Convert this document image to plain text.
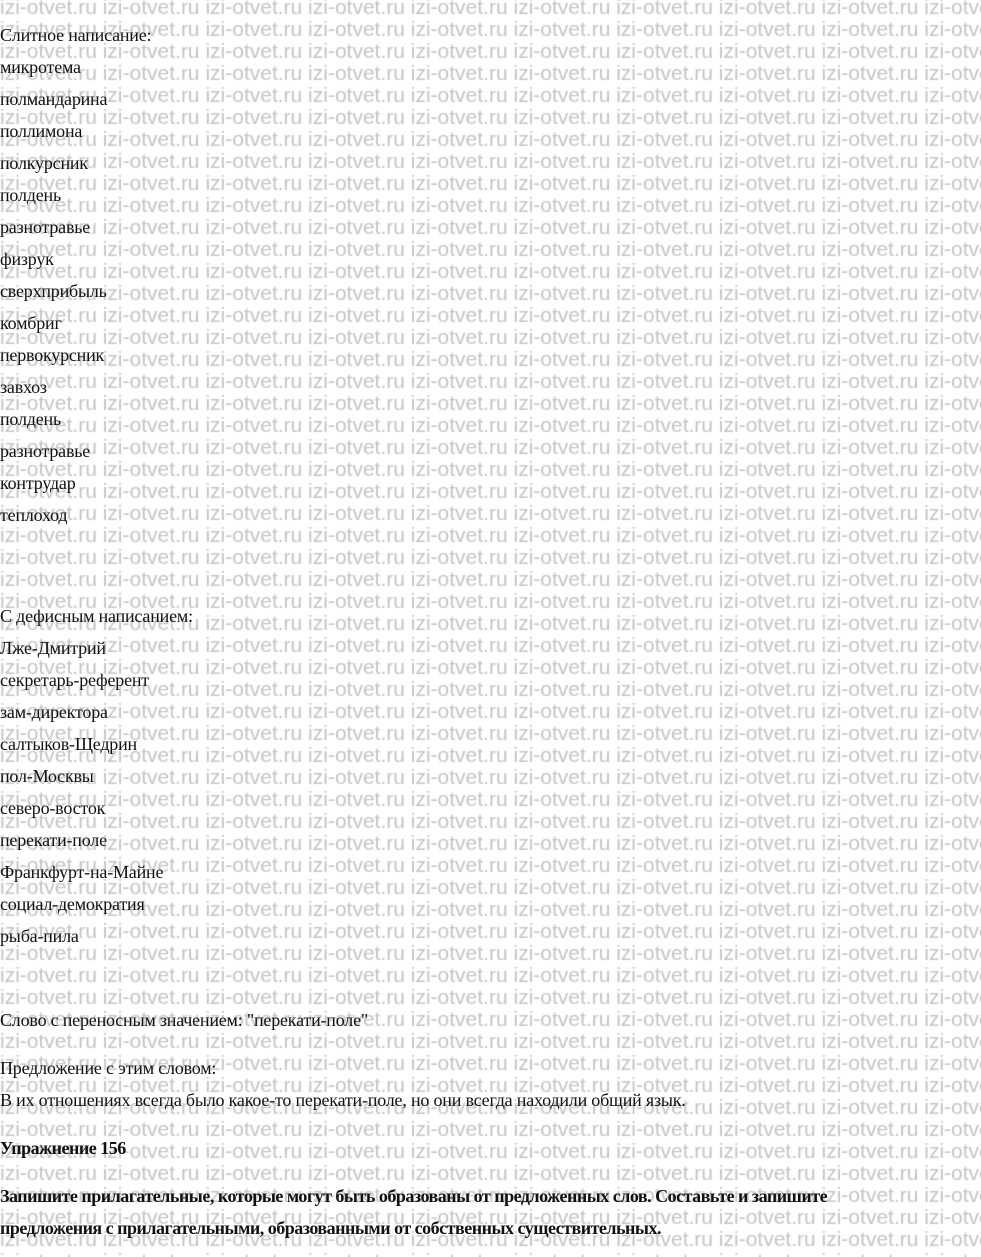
Слитное написание:
микротема
полмандарина
поллимона
полкурсник
полдень
разнотравье
физрук
сверхприбыль
комбриг
первокурсник
завхоз
полдень
разнотравье
контрудар
теплоход
С дефисным написанием:
Лже-Дмитрий
секретарь-референт
зам-директора
салтыков-Щедрин
пол-Москвы
северо-восток
перекати-поле
Франкфурт-на-Майне
социал-демократия
рыба-пила
Слово с переносным значением: "перекати-поле"
Предложение с этим словом:
В их отношениях всегда было какое-то перекати-поле, но они всегда находили общий язык.
Упражнение 156
Запишите прилагательные, которые могут быть образованы от предложенных слов. Составьте и запишите
предложения с прилагательными, образованными от собственных существительных.
